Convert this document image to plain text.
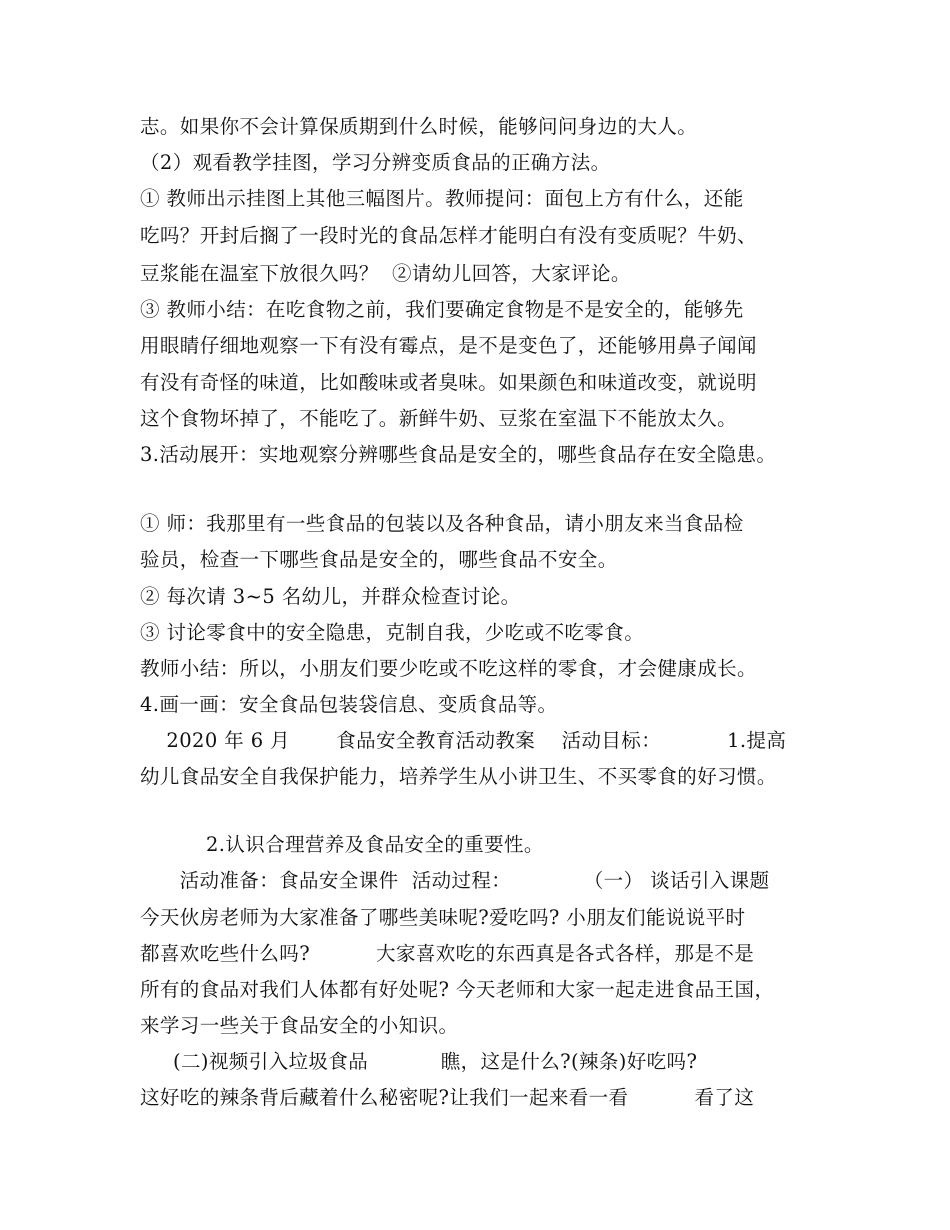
志。如果你不会计算保质期到什么时候，能够问问身边的大人。
（2）观看教学挂图，学习分辨变质食品的正确方法。
① 教师出示挂图上其他三幅图片。教师提问：面包上方有什么，还能
吃吗？开封后搁了一段时光的食品怎样才能明白有没有变质呢？牛奶、
豆浆能在温室下放很久吗？  ②请幼儿回答，大家评论。
③ 教师小结：在吃食物之前，我们要确定食物是不是安全的，能够先
用眼睛仔细地观察一下有没有霉点，是不是变色了，还能够用鼻子闻闻
有没有奇怪的味道，比如酸味或者臭味。如果颜色和味道改变，就说明
这个食物坏掉了，不能吃了。新鲜牛奶、豆浆在室温下不能放太久。
3.活动展开：实地观察分辨哪些食品是安全的，哪些食品存在安全隐患。
① 师：我那里有一些食品的包装以及各种食品，请小朋友来当食品检
验员，检查一下哪些食品是安全的，哪些食品不安全。
② 每次请 3~5 名幼儿，并群众检查讨论。
③ 讨论零食中的安全隐患，克制自我，少吃或不吃零食。
教师小结：所以，小朋友们要少吃或不吃这样的零食，才会健康成长。
4.画一画：安全食品包装袋信息、变质食品等。
2020 年 6 月       食品安全教育活动教案    活动目标：          1.提高
幼儿食品安全自我保护能力，培养学生从小讲卫生、不买零食的好习惯。
2.认识合理营养及食品安全的重要性。
活动准备：食品安全课件  活动过程：           （一） 谈话引入课题
今天伙房老师为大家准备了哪些美味呢?爱吃吗? 小朋友们能说说平时
都喜欢吃些什么吗?          大家喜欢吃的东西真是各式各样，那是不是
所有的食品对我们人体都有好处呢? 今天老师和大家一起走进食品王国，
来学习一些关于食品安全的小知识。
(二)视频引入垃圾食品           瞧，这是什么?(辣条)好吃吗?
这好吃的辣条背后藏着什么秘密呢?让我们一起来看一看          看了这
